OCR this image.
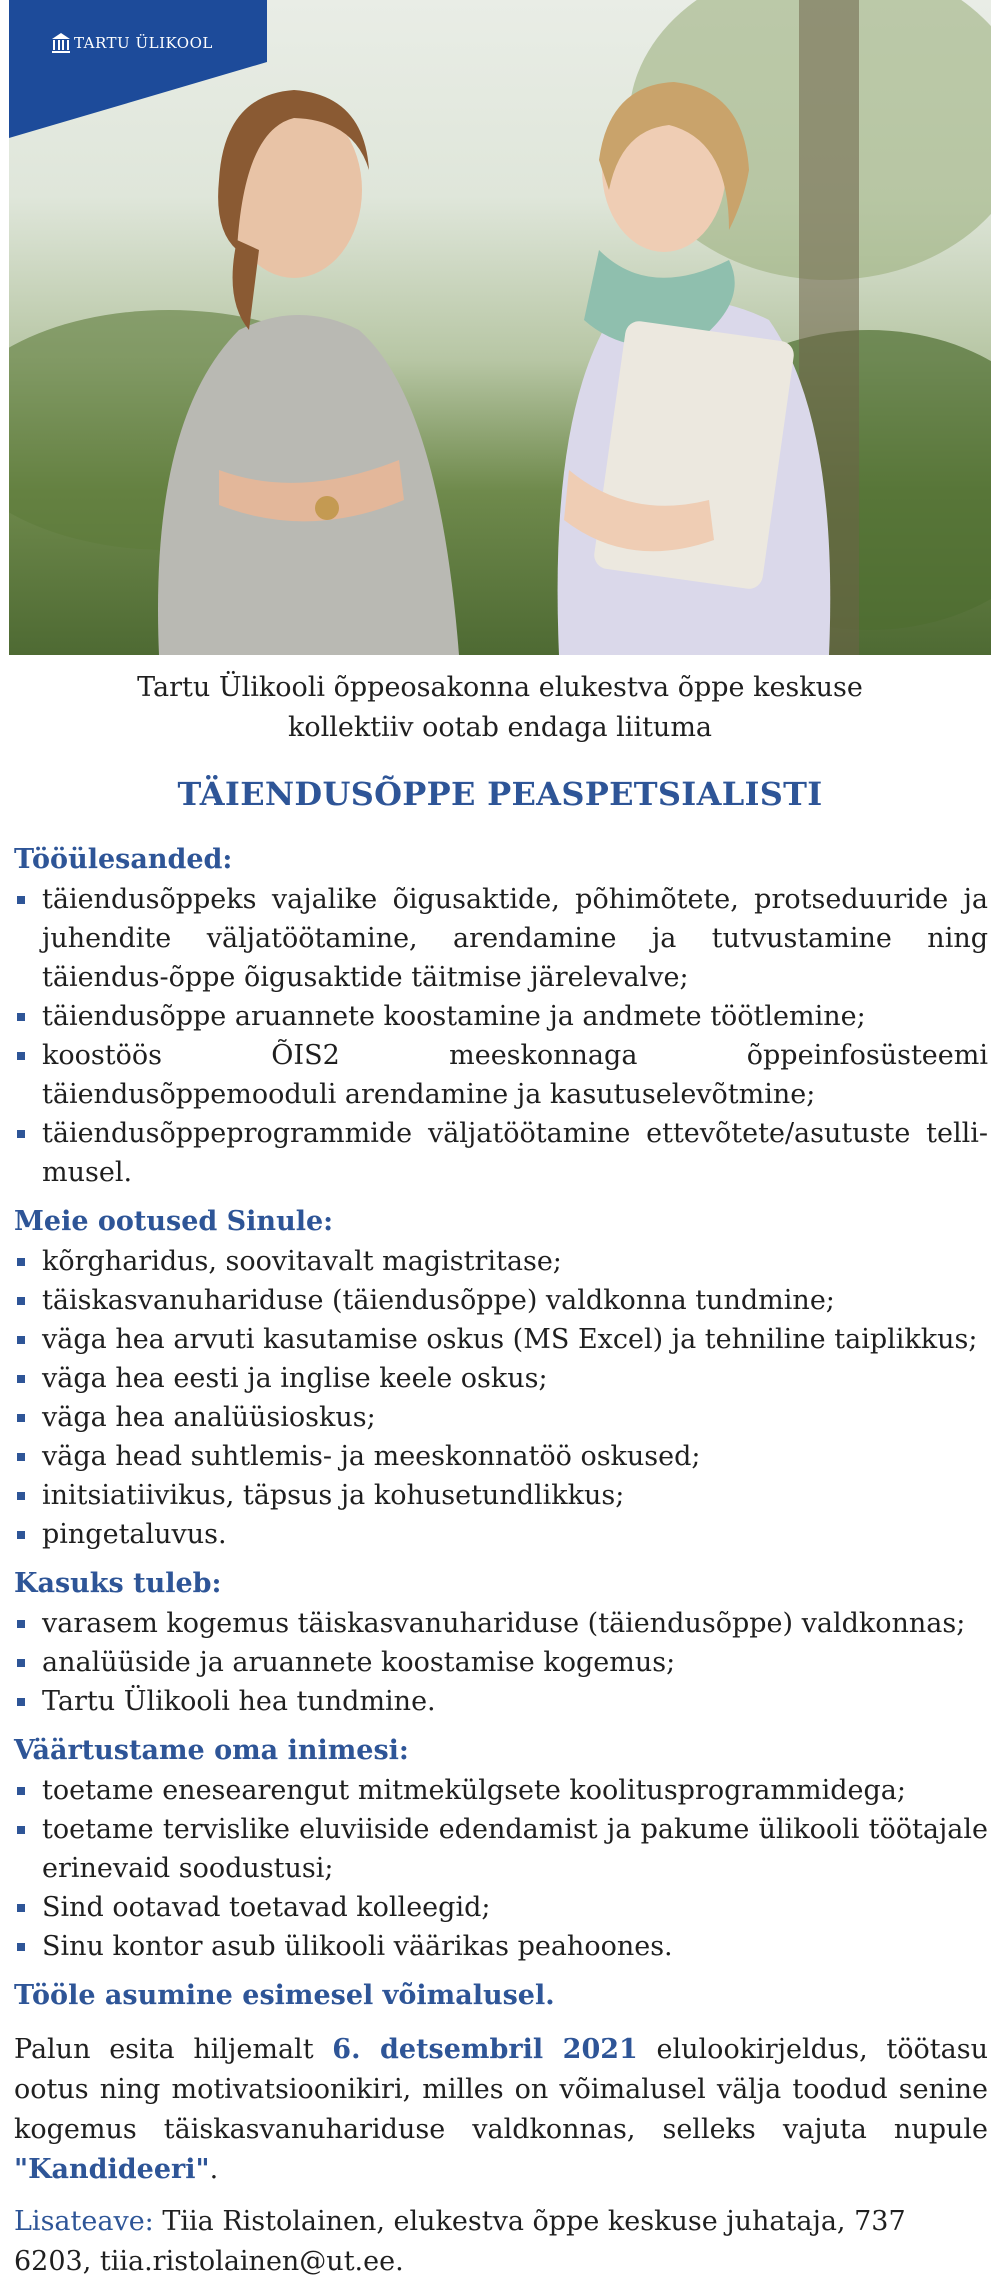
TARTU ÜLIKOOL
Tartu Ülikooli õppeosakonna elukestva õppe keskuse
kollektiiv ootab endaga liituma
TÄIENDUSÕPPE PEASPETSIALISTI
Tööülesanded:
täiendusõppeks vajalike õigusaktide, põhimõtete, protseduuride ja juhendite väljatöötamine, arendamine ja tutvustamine ning täiendus-õppe õigusaktide täitmise järelevalve;
täiendusõppe aruannete koostamine ja andmete töötlemine;
koostöös ÕIS2 meeskonnaga õppeinfosüsteemi täiendusõppemooduli arendamine ja kasutuselevõtmine;
täiendusõppeprogrammide väljatöötamine ettevõtete/asutuste telli-musel.
Meie ootused Sinule:
kõrgharidus, soovitavalt magistritase;
täiskasvanuhariduse (täiendusõppe) valdkonna tundmine;
väga hea arvuti kasutamise oskus (MS Excel) ja tehniline taiplikkus;
väga hea eesti ja inglise keele oskus;
väga hea analüüsioskus;
väga head suhtlemis- ja meeskonnatöö oskused;
initsiatiivikus, täpsus ja kohusetundlikkus;
pingetaluvus.
Kasuks tuleb:
varasem kogemus täiskasvanuhariduse (täiendusõppe) valdkonnas;
analüüside ja aruannete koostamise kogemus;
Tartu Ülikooli hea tundmine.
Väärtustame oma inimesi:
toetame enesearengut mitmekülgsete koolitusprogrammidega;
toetame tervislike eluviiside edendamist ja pakume ülikooli töötajale erinevaid soodustusi;
Sind ootavad toetavad kolleegid;
Sinu kontor asub ülikooli väärikas peahoones.
Tööle asumine esimesel võimalusel.

Palun esita hiljemalt 6. detsembril 2021 elulookirjeldus, töötasu ootus ning motivatsioonikiri, milles on võimalusel välja toodud senine kogemus täiskasvanuhariduse valdkonnas, selleks vajuta nupule "Kandideeri".

Lisateave: Tiia Ristolainen, elukestva õppe keskuse juhataja, 737 6203, tiia.ristolainen@ut.ee.
